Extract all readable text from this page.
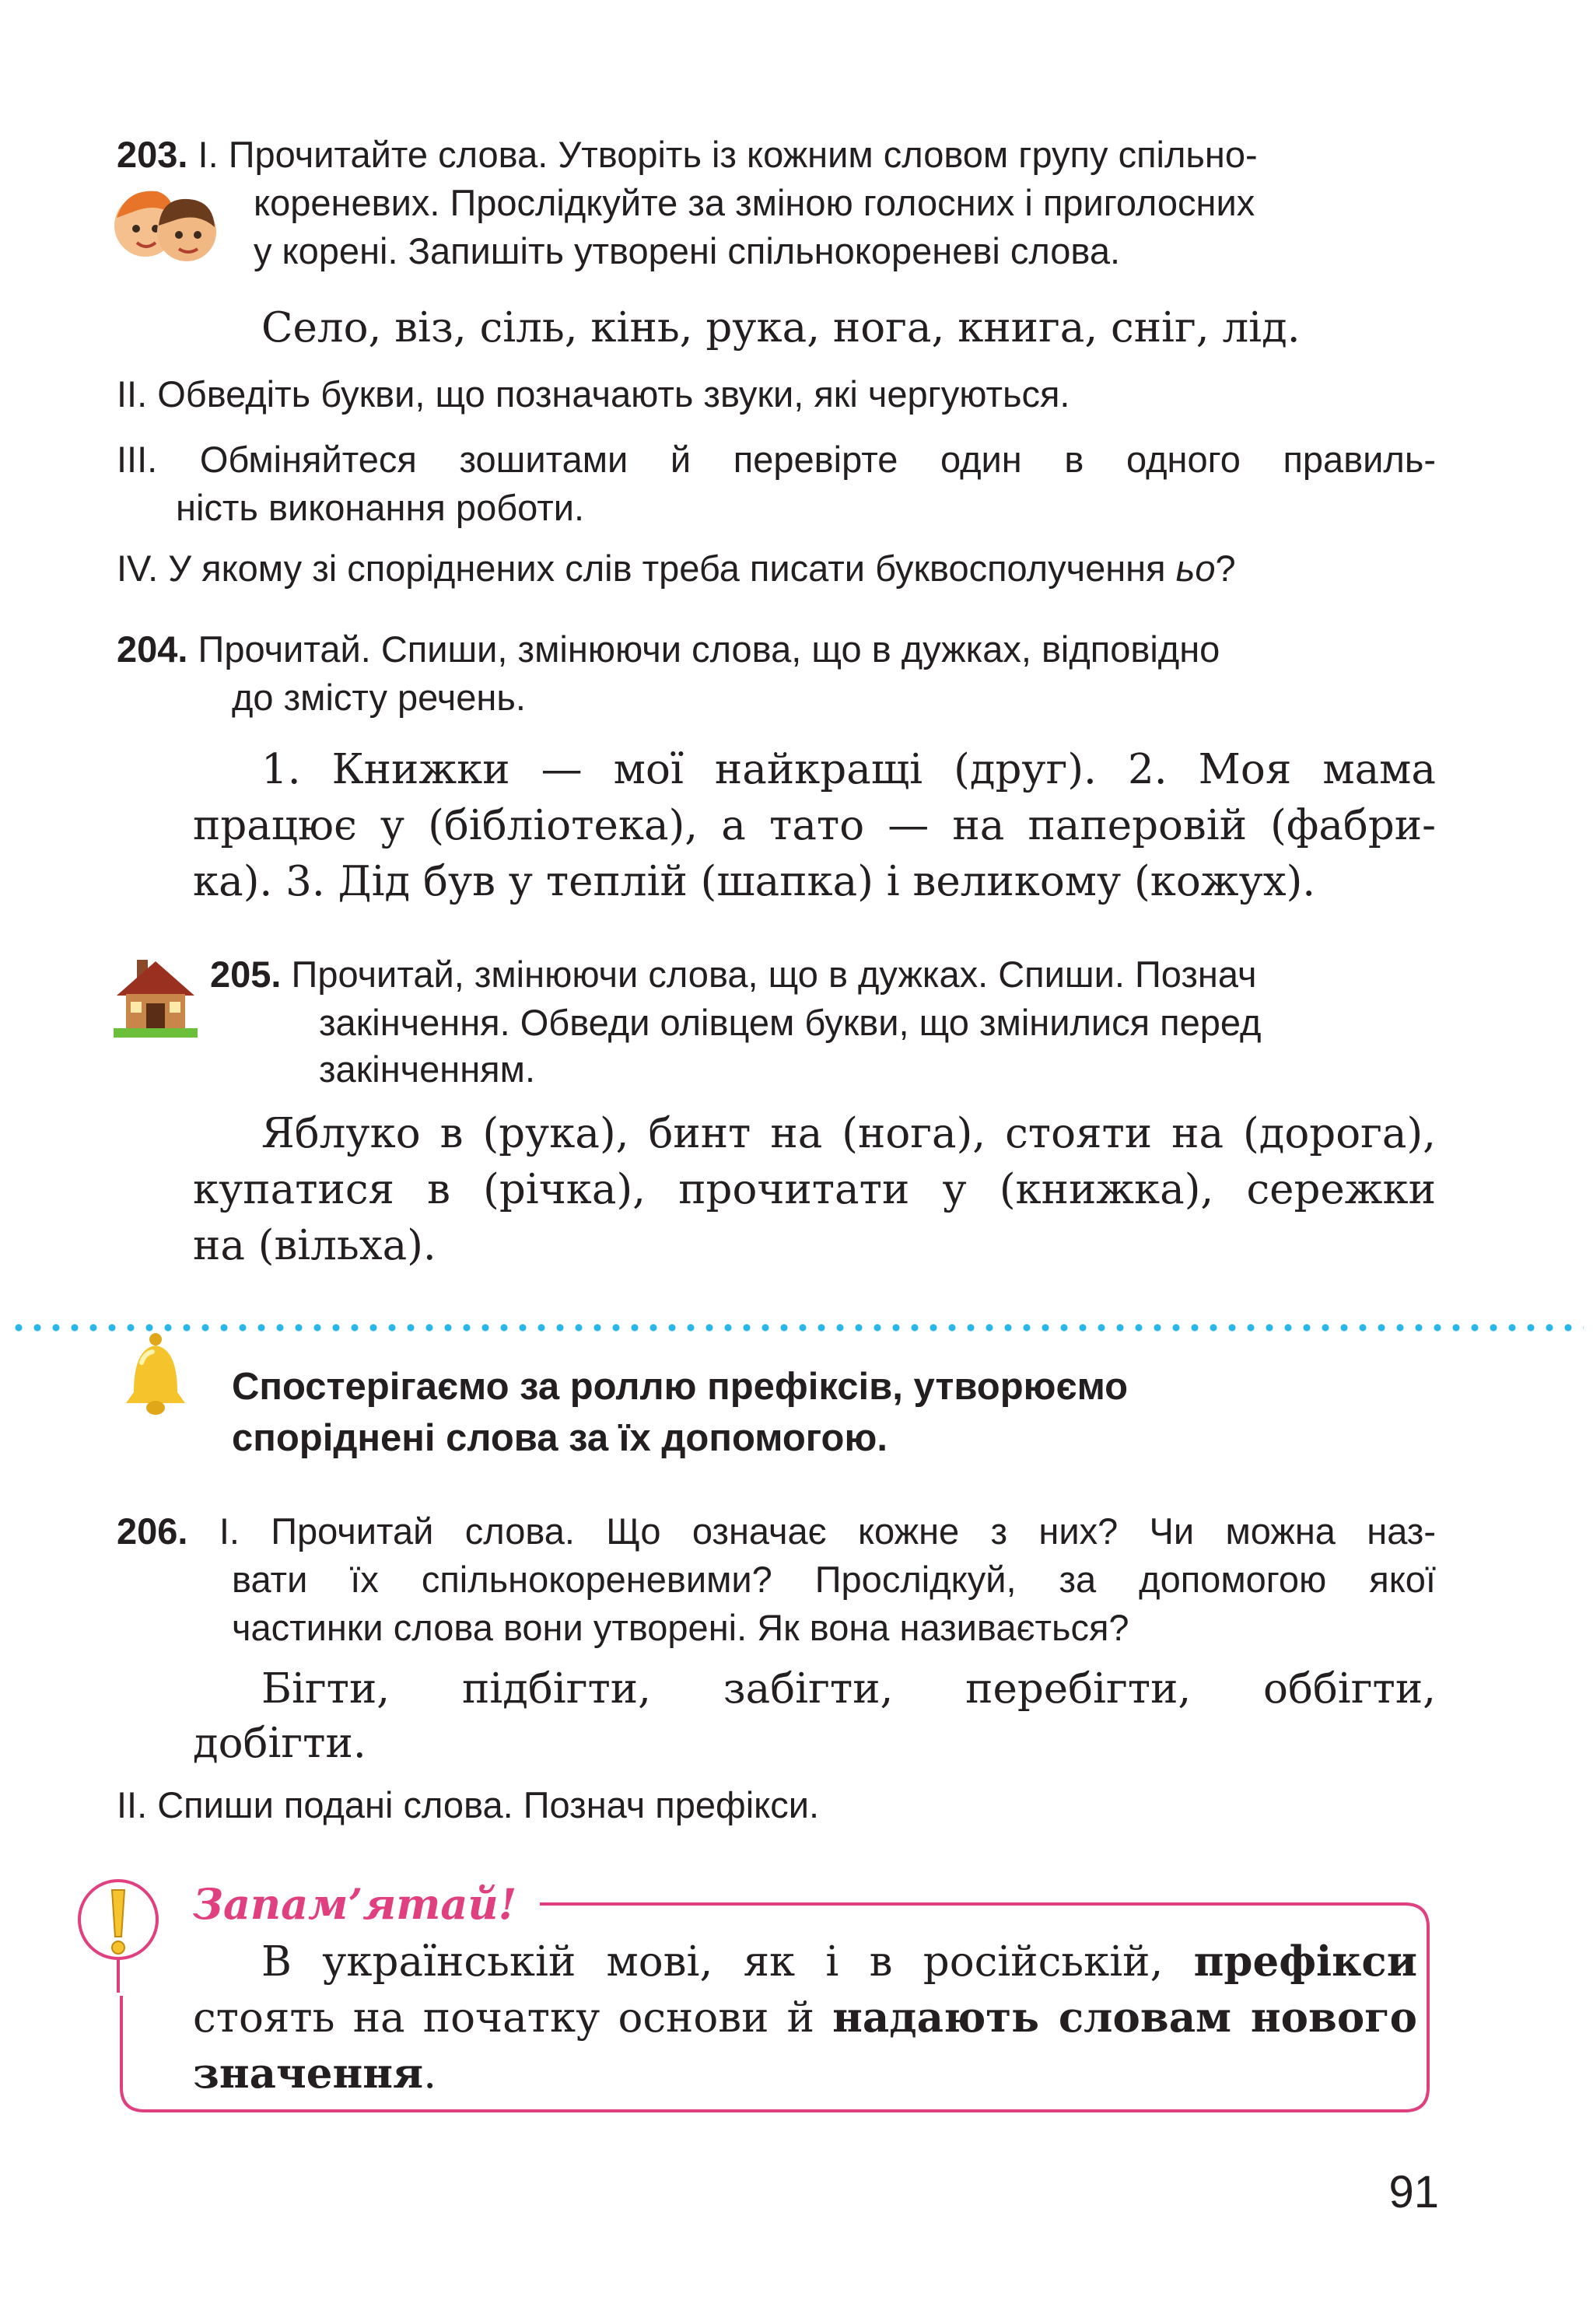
203. І. Прочитайте слова. Утворіть із кожним словом групу спільно-
кореневих. Прослідкуйте за зміною голосних і приголосних
у корені. Запишіть утворені спільнокореневі слова.
Село, віз, сіль, кінь, рука, нога, книга, сніг, лід.
ІІ. Обведіть букви, що позначають звуки, які чергуються.
ІІІ. Обміняйтеся зошитами й перевірте один в одного правиль-
ність виконання роботи.
ІV. У якому зі споріднених слів треба писати буквосполучення ьо?
204. Прочитай. Спиши, змінюючи слова, що в дужках, відповідно
до змісту речень.
1. Книжки — мої найкращі (друг). 2. Моя мама
працює у (бібліотека), а тато — на паперовій (фабри-
ка). 3. Дід був у теплій (шапка) і великому (кожух).
205. Прочитай, змінюючи слова, що в дужках. Спиши. Познач
закінчення. Обведи олівцем букви, що змінилися перед
закінченням.
Яблуко в (рука), бинт на (нога), стояти на (дорога),
купатися в (річка), прочитати у (книжка), сережки
на (вільха).
Спостерігаємо за роллю префіксів, утворюємо
споріднені слова за їх допомогою.
206. І. Прочитай слова. Що означає кожне з них? Чи можна наз-
вати їх спільнокореневими? Прослідкуй, за допомогою якої
частинки слова вони утворені. Як вона називається?
Бігти, підбігти, забігти, перебігти, оббігти,
добігти.
ІІ. Спиши подані слова. Познач префікси.
Запам’ятай!
В українській мові, як і в російській, префікси
стоять на початку основи й надають словам нового
значення.
91
